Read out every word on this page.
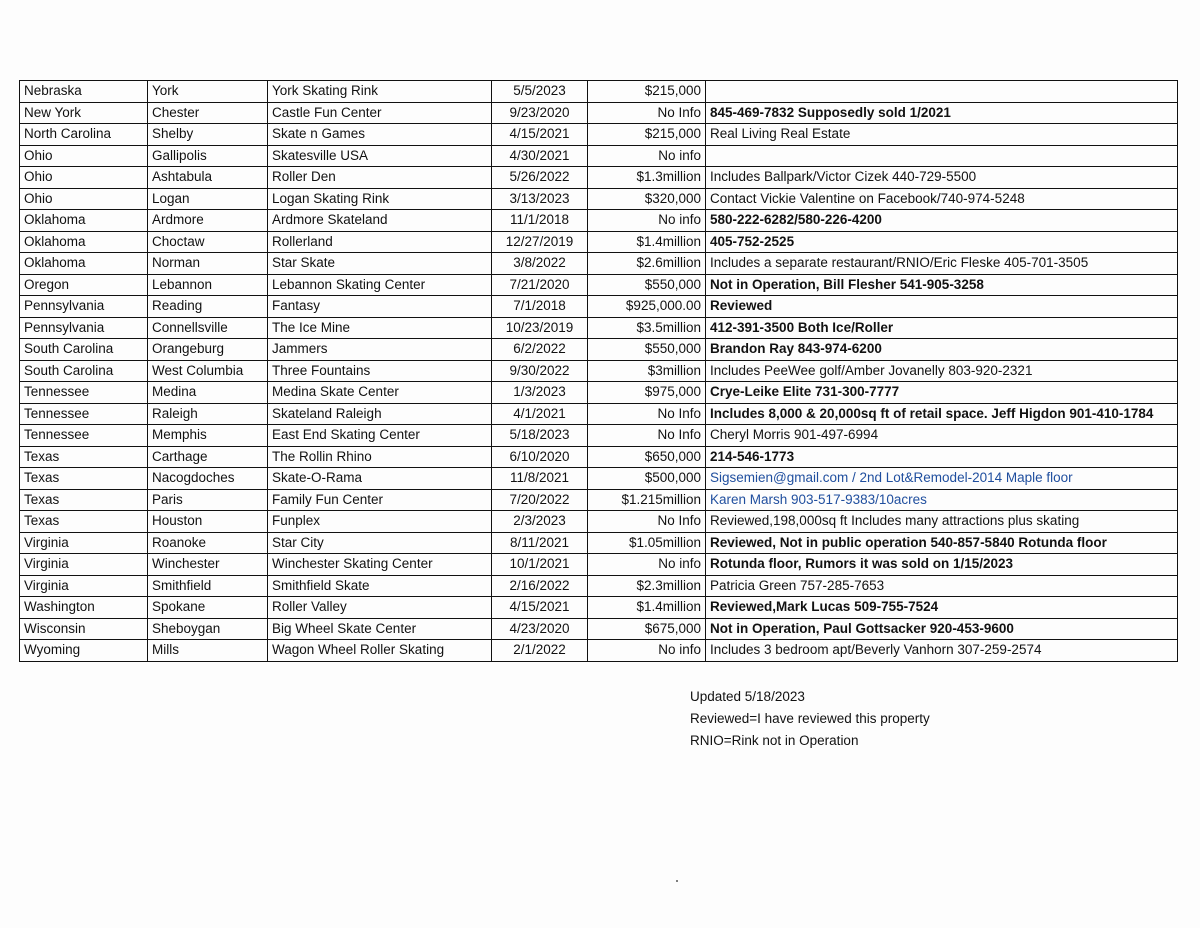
Nebraska	York	York Skating Rink	5/5/2023	$215,000	
New York	Chester	Castle Fun Center	9/23/2020	No Info	845-469-7832 Supposedly sold 1/2021
North Carolina	Shelby	Skate n Games	4/15/2021	$215,000	Real Living Real Estate
Ohio	Gallipolis	Skatesville USA	4/30/2021	No info	
Ohio	Ashtabula	Roller Den	5/26/2022	$1.3million	Includes Ballpark/Victor Cizek 440-729-5500
Ohio	Logan	Logan Skating Rink	3/13/2023	$320,000	Contact Vickie Valentine on Facebook/740-974-5248
Oklahoma	Ardmore	Ardmore Skateland	11/1/2018	No info	580-222-6282/580-226-4200
Oklahoma	Choctaw	Rollerland	12/27/2019	$1.4million	405-752-2525
Oklahoma	Norman	Star Skate	3/8/2022	$2.6million	Includes a separate restaurant/RNIO/Eric Fleske 405-701-3505
Oregon	Lebannon	Lebannon Skating Center	7/21/2020	$550,000	Not in Operation, Bill Flesher 541-905-3258
Pennsylvania	Reading	Fantasy	7/1/2018	$925,000.00	Reviewed
Pennsylvania	Connellsville	The Ice Mine	10/23/2019	$3.5million	412-391-3500 Both Ice/Roller
South Carolina	Orangeburg	Jammers	6/2/2022	$550,000	Brandon Ray 843-974-6200
South Carolina	West Columbia	Three Fountains	9/30/2022	$3million	Includes PeeWee golf/Amber Jovanelly 803-920-2321
Tennessee	Medina	Medina Skate Center	1/3/2023	$975,000	Crye-Leike Elite 731-300-7777
Tennessee	Raleigh	Skateland Raleigh	4/1/2021	No Info	Includes 8,000 & 20,000sq ft of retail space. Jeff Higdon 901-410-1784
Tennessee	Memphis	East End Skating Center	5/18/2023	No Info	Cheryl Morris 901-497-6994
Texas	Carthage	The Rollin Rhino	6/10/2020	$650,000	214-546-1773
Texas	Nacogdoches	Skate-O-Rama	11/8/2021	$500,000	Sigsemien@gmail.com / 2nd Lot&Remodel-2014 Maple floor
Texas	Paris	Family Fun Center	7/20/2022	$1.215million	Karen Marsh 903-517-9383/10acres
Texas	Houston	Funplex	2/3/2023	No Info	Reviewed,198,000sq ft Includes many attractions plus skating
Virginia	Roanoke	Star City	8/11/2021	$1.05million	Reviewed, Not in public operation 540-857-5840 Rotunda floor
Virginia	Winchester	Winchester Skating Center	10/1/2021	No info	Rotunda floor, Rumors it was sold on 1/15/2023
Virginia	Smithfield	Smithfield Skate	2/16/2022	$2.3million	Patricia Green 757-285-7653
Washington	Spokane	Roller Valley	4/15/2021	$1.4million	Reviewed,Mark Lucas 509-755-7524
Wisconsin	Sheboygan	Big Wheel Skate Center	4/23/2020	$675,000	Not in Operation, Paul Gottsacker 920-453-9600
Wyoming	Mills	Wagon Wheel Roller Skating	2/1/2022	No info	Includes 3 bedroom apt/Beverly Vanhorn 307-259-2574
Updated 5/18/2023
Reviewed=I have reviewed this property
RNIO=Rink not in Operation
